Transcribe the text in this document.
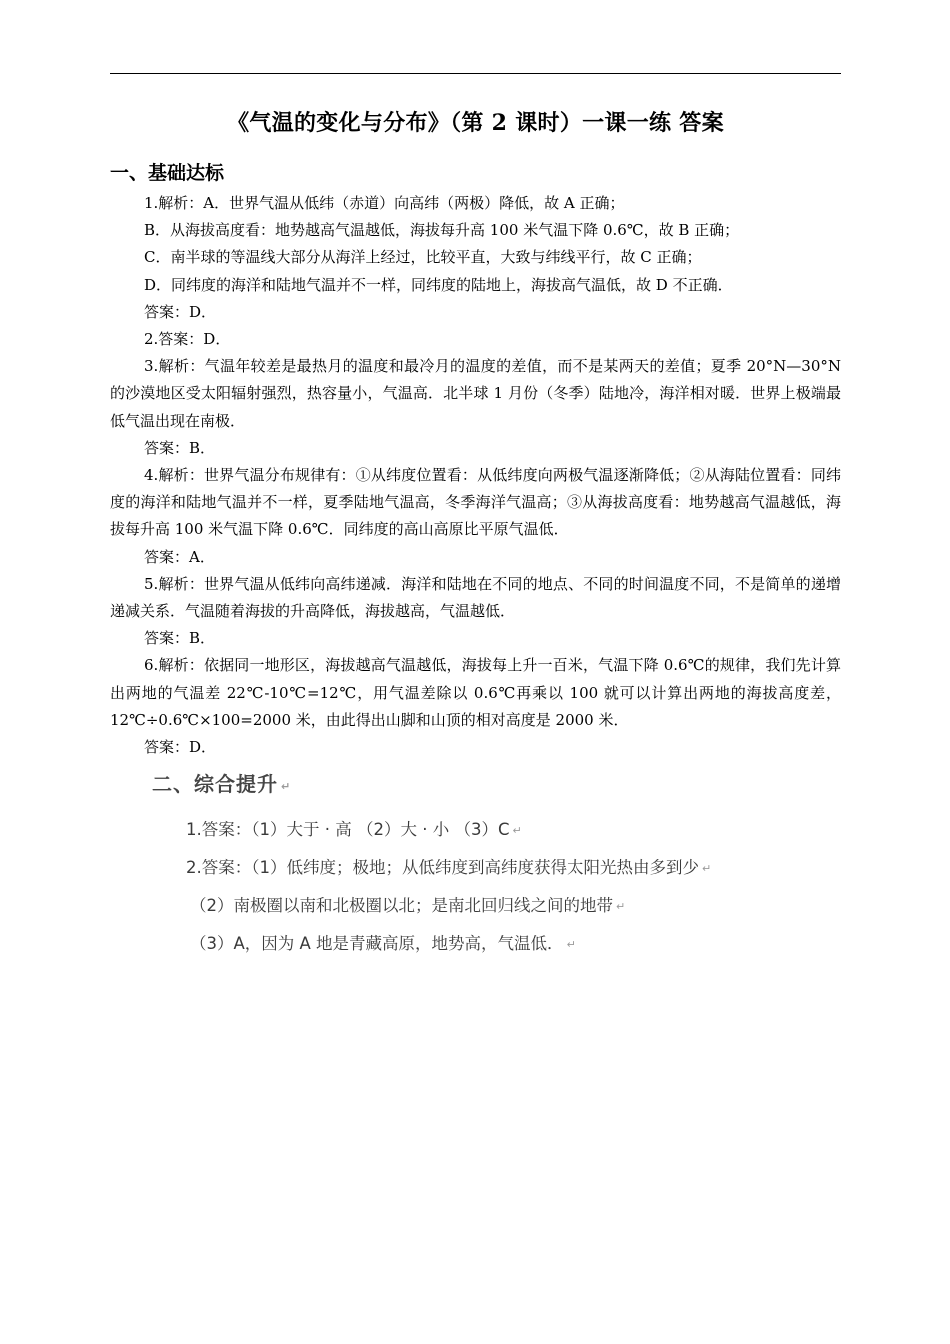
《气温的变化与分布》（第 2 课时）一课一练 答案
一、基础达标

1.解析：A．世界气温从低纬（赤道）向高纬（两极）降低，故 A 正确；

B．从海拔高度看：地势越高气温越低，海拔每升高 100 米气温下降 0.6℃，故 B 正确；

C．南半球的等温线大部分从海洋上经过，比较平直，大致与纬线平行，故 C 正确；

D．同纬度的海洋和陆地气温并不一样，同纬度的陆地上，海拔高气温低，故 D 不正确．

答案：D．

2.答案：D．

3.解析：气温年较差是最热月的温度和最冷月的温度的差值，而不是某两天的差值；夏季 20°N—30°N 的沙漠地区受太阳辐射强烈，热容量小，气温高．北半球 1 月份（冬季）陆地冷，海洋相对暖．世界上极端最低气温出现在南极．

答案：B．

4.解析：世界气温分布规律有：①从纬度位置看：从低纬度向两极气温逐渐降低；②从海陆位置看：同纬度的海洋和陆地气温并不一样，夏季陆地气温高，冬季海洋气温高；③从海拔高度看：地势越高气温越低，海拔每升高 100 米气温下降 0.6℃．同纬度的高山高原比平原气温低．

答案：A．

5.解析：世界气温从低纬向高纬递减．海洋和陆地在不同的地点、不同的时间温度不同，不是简单的递增递减关系．气温随着海拔的升高降低，海拔越高，气温越低．

答案：B．

6.解析：依据同一地形区，海拔越高气温越低，海拔每上升一百米，气温下降 0.6℃的规律，我们先计算出两地的气温差 22℃-10℃=12℃，用气温差除以 0.6℃再乘以 100 就可以计算出两地的海拔高度差，12℃÷0.6℃×100=2000 米，由此得出山脚和山顶的相对高度是 2000 米．

答案：D．

二、综合提升 ↵
1.答案：（1）大于 · 高 （2）大 · 小 （3）C ↵
2.答案：（1）低纬度；极地；从低纬度到高纬度获得太阳光热由多到少 ↵
（2）南极圈以南和北极圈以北；是南北回归线之间的地带 ↵
（3）A，因为 A 地是青藏高原，地势高，气温低． ↵
